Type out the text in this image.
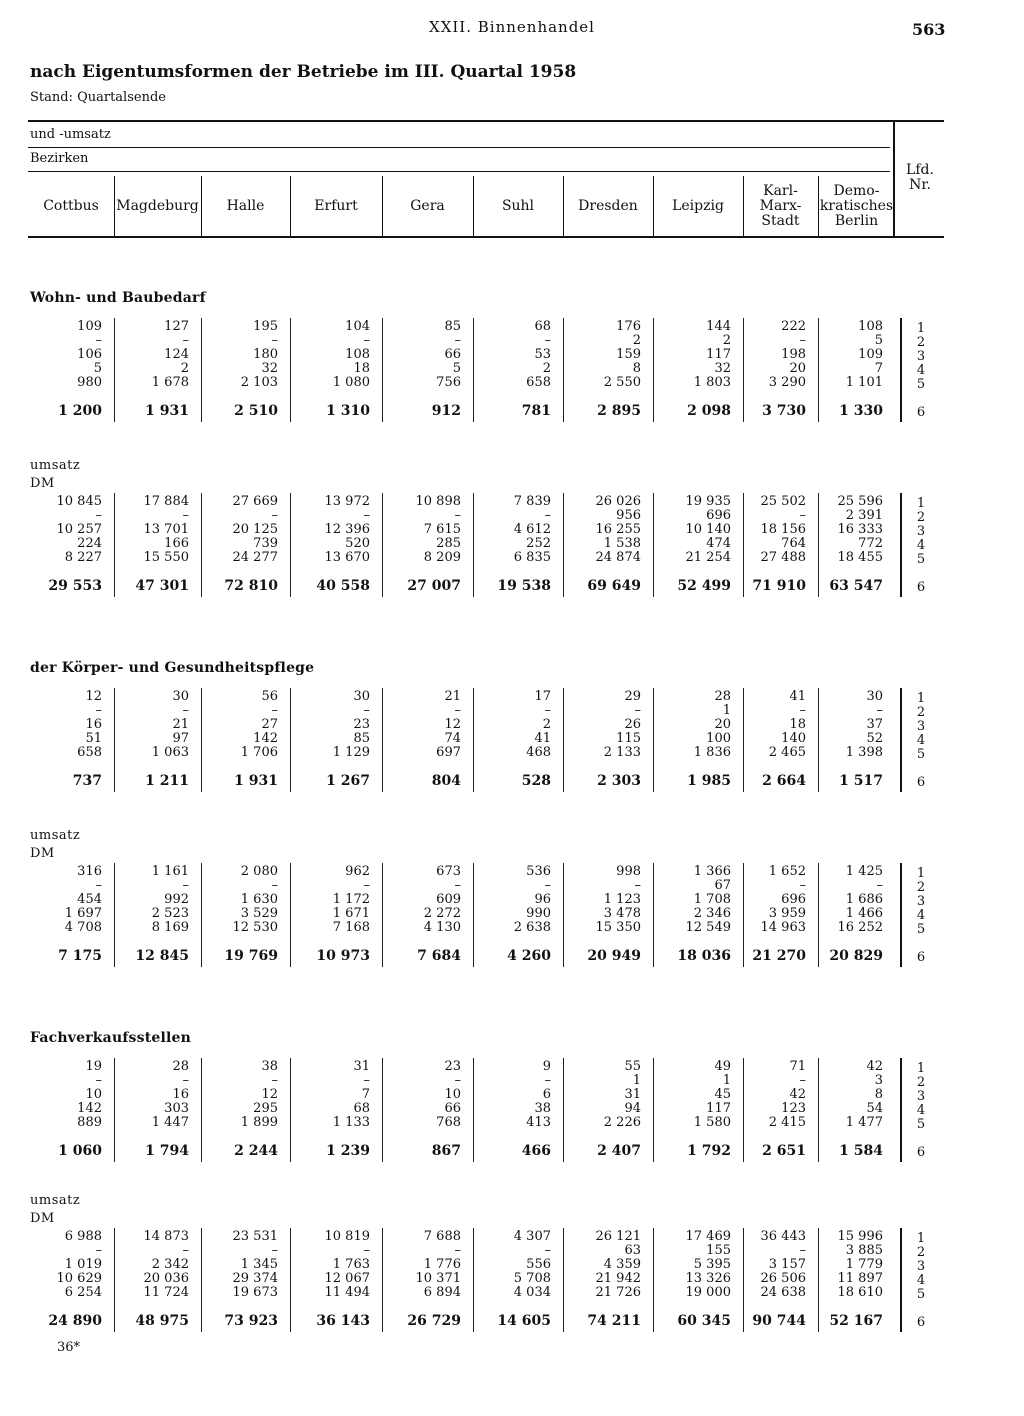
XXII. Binnenhandel	563
nach Eigentumsformen der Betriebe im III. Quartal 1958
Stand: Quartalsende
und -umsatz
Bezirken
Lfd.
Nr.
Cottbus	Magdeburg	Halle	Erfurt	Gera	Suhl	Dresden	Leipzig
Karl-
Marx-
Stadt
Demo-
kratisches
Berlin
Wohn- und Baubedarf
109	127	195	104	85	68	176	144	222	108	1
–	–	–	–	–	–	2	2	–	5	2
106	124	180	108	66	53	159	117	198	109	3
5	2	32	18	5	2	8	32	20	7	4
980	1 678	2 103	1 080	756	658	2 550	1 803	3 290	1 101	5
1 200	1 931	2 510	1 310	912	781	2 895	2 098	3 730	1 330	6
umsatz
DM
10 845	17 884	27 669	13 972	10 898	7 839	26 026	19 935	25 502	25 596	1
–	–	–	–	–	–	956	696	–	2 391	2
10 257	13 701	20 125	12 396	7 615	4 612	16 255	10 140	18 156	16 333	3
224	166	739	520	285	252	1 538	474	764	772	4
8 227	15 550	24 277	13 670	8 209	6 835	24 874	21 254	27 488	18 455	5
29 553	47 301	72 810	40 558	27 007	19 538	69 649	52 499	71 910	63 547	6
der Körper- und Gesundheitspflege
12	30	56	30	21	17	29	28	41	30	1
–	–	–	–	–	–	–	1	–	–	2
16	21	27	23	12	2	26	20	18	37	3
51	97	142	85	74	41	115	100	140	52	4
658	1 063	1 706	1 129	697	468	2 133	1 836	2 465	1 398	5
737	1 211	1 931	1 267	804	528	2 303	1 985	2 664	1 517	6
umsatz
DM
316	1 161	2 080	962	673	536	998	1 366	1 652	1 425	1
–	–	–	–	–	–	–	67	–	–	2
454	992	1 630	1 172	609	96	1 123	1 708	696	1 686	3
1 697	2 523	3 529	1 671	2 272	990	3 478	2 346	3 959	1 466	4
4 708	8 169	12 530	7 168	4 130	2 638	15 350	12 549	14 963	16 252	5
7 175	12 845	19 769	10 973	7 684	4 260	20 949	18 036	21 270	20 829	6
Fachverkaufsstellen
19	28	38	31	23	9	55	49	71	42	1
–	–	–	–	–	–	1	1	–	3	2
10	16	12	7	10	6	31	45	42	8	3
142	303	295	68	66	38	94	117	123	54	4
889	1 447	1 899	1 133	768	413	2 226	1 580	2 415	1 477	5
1 060	1 794	2 244	1 239	867	466	2 407	1 792	2 651	1 584	6
umsatz
DM
6 988	14 873	23 531	10 819	7 688	4 307	26 121	17 469	36 443	15 996	1
–	–	–	–	–	–	63	155	–	3 885	2
1 019	2 342	1 345	1 763	1 776	556	4 359	5 395	3 157	1 779	3
10 629	20 036	29 374	12 067	10 371	5 708	21 942	13 326	26 506	11 897	4
6 254	11 724	19 673	11 494	6 894	4 034	21 726	19 000	24 638	18 610	5
24 890	48 975	73 923	36 143	26 729	14 605	74 211	60 345	90 744	52 167	6
36*
